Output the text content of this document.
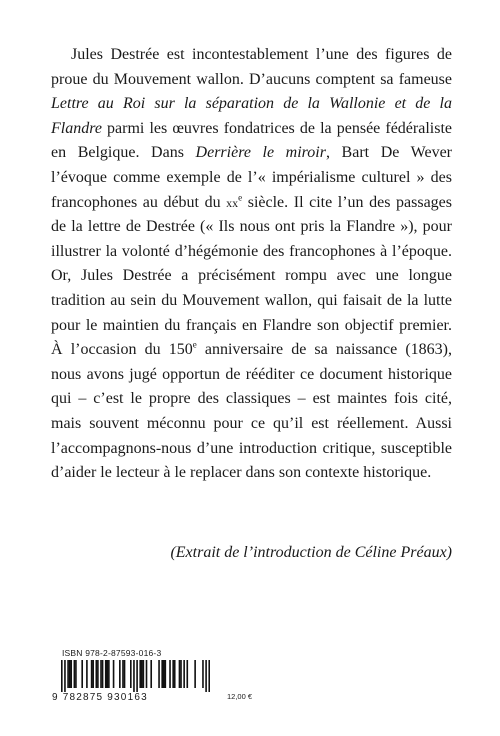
Jules Destrée est incontestablement l’une des figures de
proue du Mouvement wallon. D’aucuns comptent sa fameuse
Lettre au Roi sur la séparation de la Wallonie et de la
Flandre parmi les œuvres fondatrices de la pensée fédéraliste
en Belgique. Dans Derrière le miroir, Bart De Wever
l’évoque comme exemple de l’« impérialisme culturel » des
francophones au début du $xx^e$ siècle. Il cite l’un des passages
de la lettre de Destrée (« Ils nous ont pris la Flandre »), pour
illustrer la volonté d’hégémonie des francophones à l’époque.
Or, Jules Destrée a précisément rompu avec une longue
tradition au sein du Mouvement wallon, qui faisait de la lutte
pour le maintien du français en Flandre son objectif premier.
À l’occasion du 150e anniversaire de sa naissance (1863),
nous avons jugé opportun de rééditer ce document historique
qui – c’est le propre des classiques – est maintes fois cité,
mais souvent méconnu pour ce qu’il est réellement. Aussi
l’accompagnons-nous d’une introduction critique, susceptible
d’aider le lecteur à le replacer dans son contexte historique.

(Extrait de l’introduction de Céline Préaux)
ISBN 978-2-87593-016-3
9 782875 930163	12,00 €
